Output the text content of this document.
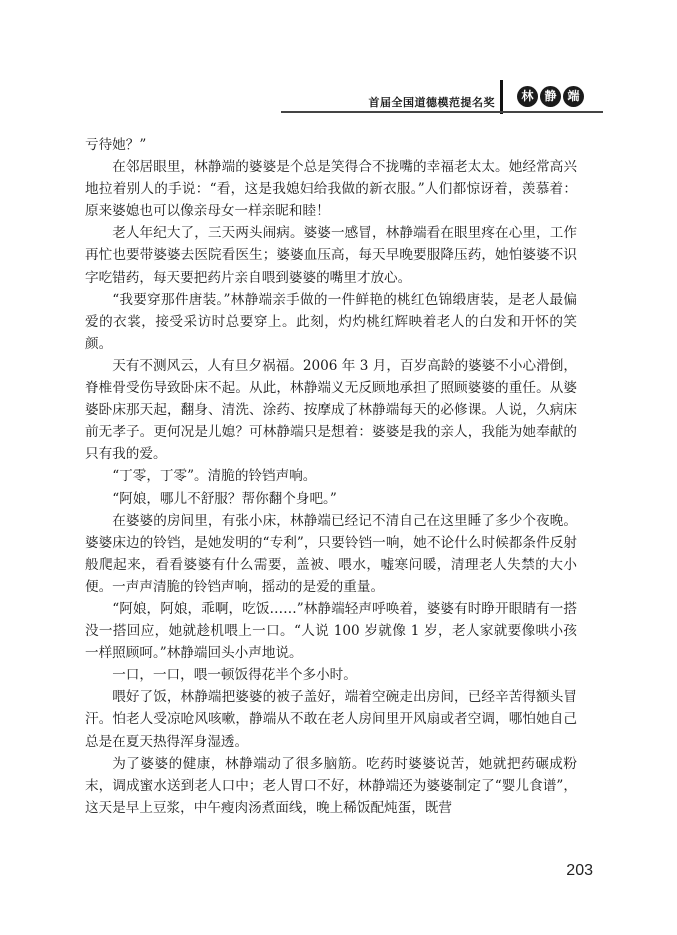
首届全国道德模范提名奖	林 静 端

亏待她？”

在邻居眼里，林静端的婆婆是个总是笑得合不拢嘴的幸福老太太。她经常高兴地拉着别人的手说：“看，这是我媳妇给我做的新衣服。”人们都惊讶着，羡慕着：原来婆媳也可以像亲母女一样亲昵和睦！

老人年纪大了，三天两头闹病。婆婆一感冒，林静端看在眼里疼在心里，工作再忙也要带婆婆去医院看医生；婆婆血压高，每天早晚要服降压药，她怕婆婆不识字吃错药，每天要把药片亲自喂到婆婆的嘴里才放心。

“我要穿那件唐装。”林静端亲手做的一件鲜艳的桃红色锦缎唐装，是老人最偏爱的衣裳，接受采访时总要穿上。此刻，灼灼桃红辉映着老人的白发和开怀的笑颜。

天有不测风云，人有旦夕祸福。2006 年 3 月，百岁高龄的婆婆不小心滑倒，脊椎骨受伤导致卧床不起。从此，林静端义无反顾地承担了照顾婆婆的重任。从婆婆卧床那天起，翻身、清洗、涂药、按摩成了林静端每天的必修课。人说，久病床前无孝子。更何况是儿媳？可林静端只是想着：婆婆是我的亲人，我能为她奉献的只有我的爱。

“丁零，丁零”。清脆的铃铛声响。

“阿娘，哪儿不舒服？帮你翻个身吧。”

在婆婆的房间里，有张小床，林静端已经记不清自己在这里睡了多少个夜晚。婆婆床边的铃铛，是她发明的“专利”，只要铃铛一响，她不论什么时候都条件反射般爬起来，看看婆婆有什么需要，盖被、喂水，嘘寒问暖，清理老人失禁的大小便。一声声清脆的铃铛声响，摇动的是爱的重量。

“阿娘，阿娘，乖啊，吃饭……”林静端轻声呼唤着，婆婆有时睁开眼睛有一搭没一搭回应，她就趁机喂上一口。“人说 100 岁就像 1 岁，老人家就要像哄小孩一样照顾呵。”林静端回头小声地说。

一口，一口，喂一顿饭得花半个多小时。

喂好了饭，林静端把婆婆的被子盖好，端着空碗走出房间，已经辛苦得额头冒汗。怕老人受凉呛风咳嗽，静端从不敢在老人房间里开风扇或者空调，哪怕她自己总是在夏天热得浑身湿透。

为了婆婆的健康，林静端动了很多脑筋。吃药时婆婆说苦，她就把药碾成粉末，调成蜜水送到老人口中；老人胃口不好，林静端还为婆婆制定了“婴儿食谱”，这天是早上豆浆，中午瘦肉汤煮面线，晚上稀饭配炖蛋，既营

203
